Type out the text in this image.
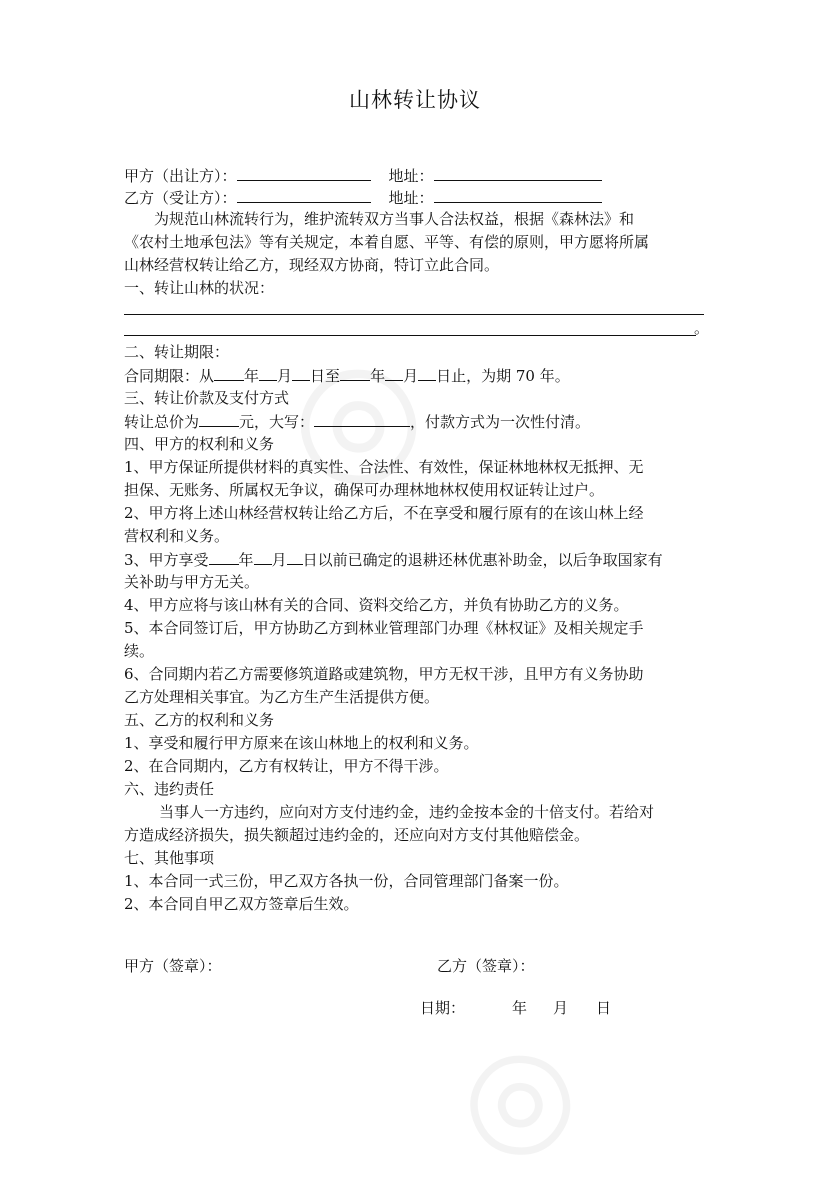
山林转让协议
甲方（出让方）：	地址：
乙方（受让方）：	地址：
为规范山林流转行为，维护流转双方当事人合法权益，根据《森林法》和
《农村土地承包法》等有关规定，本着自愿、平等、有偿的原则，甲方愿将所属
山林经营权转让给乙方，现经双方协商，特订立此合同。
一、转让山林的状况：
。
二、转让期限：
合同期限：从 年 月 日至 年 月 日止，为期 70 年。
三、转让价款及支付方式
转让总价为	元，大写：	，付款方式为一次性付清。
四、甲方的权利和义务
1、甲方保证所提供材料的真实性、合法性、有效性，保证林地林权无抵押、无
担保、无账务、所属权无争议，确保可办理林地林权使用权证转让过户。
2、甲方将上述山林经营权转让给乙方后，不在享受和履行原有的在该山林上经
营权利和义务。
3、甲方享受 年 月 日以前已确定的退耕还林优惠补助金，以后争取国家有
关补助与甲方无关。
4、甲方应将与该山林有关的合同、资料交给乙方，并负有协助乙方的义务。
5、本合同签订后，甲方协助乙方到林业管理部门办理《林权证》及相关规定手
续。
6、合同期内若乙方需要修筑道路或建筑物，甲方无权干涉，且甲方有义务协助
乙方处理相关事宜。为乙方生产生活提供方便。
五、乙方的权利和义务
1、享受和履行甲方原来在该山林地上的权利和义务。
2、在合同期内，乙方有权转让，甲方不得干涉。
六、违约责任
当事人一方违约，应向对方支付违约金，违约金按本金的十倍支付。若给对
方造成经济损失，损失额超过违约金的，还应向对方支付其他赔偿金。
七、其他事项
1、本合同一式三份，甲乙双方各执一份，合同管理部门备案一份。
2、本合同自甲乙双方签章后生效。
甲方（签章）：	乙方（签章）：
日期：	年 月 日
